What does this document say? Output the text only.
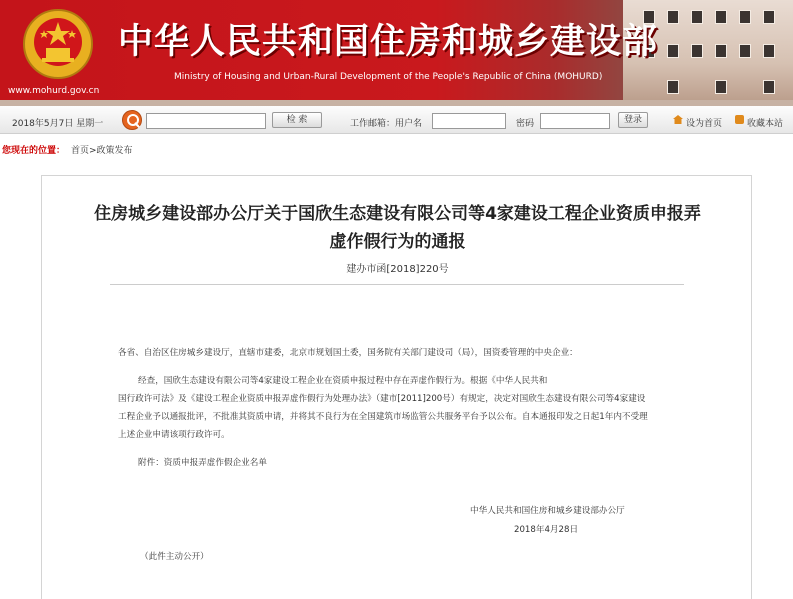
www.mohurd.gov.cn
中华人民共和国住房和城乡建设部
Ministry of Housing and Urban-Rural Development of the People's Republic of China (MOHURD)
2018年5月7日 星期一	检 索	工作邮箱：用户名	密码	登录	设为首页	收藏本站
您现在的位置： 首页>政策发布
住房城乡建设部办公厅关于国欣生态建设有限公司等4家建设工程企业资质申报弄
虚作假行为的通报
建办市函[2018]220号
各省、自治区住房城乡建设厅，直辖市建委，北京市规划国土委，国务院有关部门建设司（局），国资委管理的中央企业：
经查，国欣生态建设有限公司等4家建设工程企业在资质申报过程中存在弄虚作假行为。根据《中华人民共和
国行政许可法》及《建设工程企业资质申报弄虚作假行为处理办法》（建市[2011]200号）有规定，决定对国欣生态建设有限公司等4家建设
工程企业予以通报批评，不批准其资质申请，并将其不良行为在全国建筑市场监管公共服务平台予以公布。自本通报印发之日起1年内不受理
上述企业申请该项行政许可。
附件：资质申报弄虚作假企业名单
中华人民共和国住房和城乡建设部办公厅
2018年4月28日
（此件主动公开）
